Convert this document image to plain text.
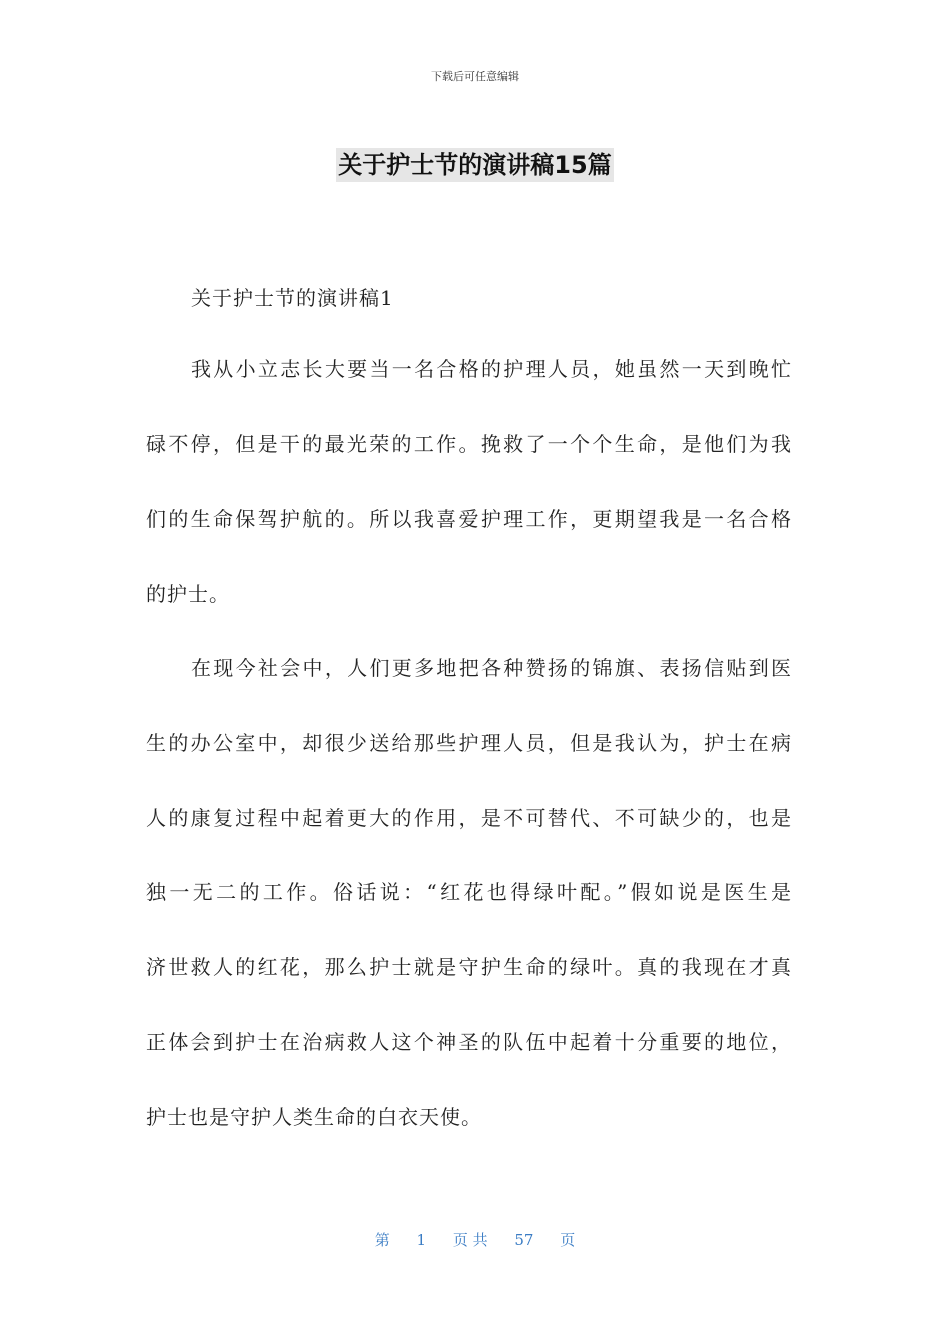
下载后可任意编辑
关于护士节的演讲稿15篇
关于护士节的演讲稿1
我从小立志长大要当一名合格的护理人员，她虽然一天到晚忙
碌不停，但是干的最光荣的工作。挽救了一个个生命，是他们为我
们的生命保驾护航的。所以我喜爱护理工作，更期望我是一名合格
的护士。
在现今社会中，人们更多地把各种赞扬的锦旗、表扬信贴到医
生的办公室中，却很少送给那些护理人员，但是我认为，护士在病
人的康复过程中起着更大的作用，是不可替代、不可缺少的，也是
独一无二的工作。俗话说：“红花也得绿叶配。”假如说是医生是
济世救人的红花，那么护士就是守护生命的绿叶。真的我现在才真
正体会到护士在治病救人这个神圣的队伍中起着十分重要的地位，
护士也是守护人类生命的白衣天使。
第 1 页 共 57 页
